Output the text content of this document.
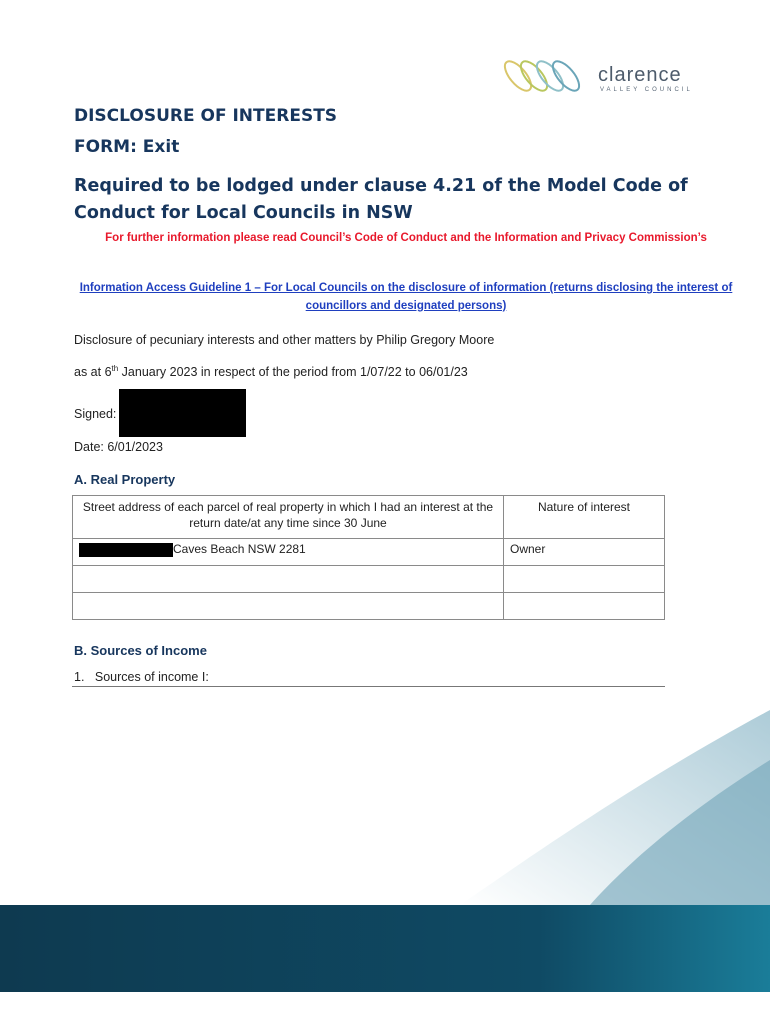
clarence
VALLEY COUNCIL
DISCLOSURE OF INTERESTS
FORM: Exit
Required to be lodged under clause 4.21 of the Model Code of Conduct for Local Councils in NSW
For further information please read Council’s Code of Conduct and the Information and Privacy Commission’s
Information Access Guideline 1 – For Local Councils on the disclosure of information (returns disclosing the interest of councillors and designated persons)
Disclosure of pecuniary interests and other matters by Philip Gregory Moore
as at 6th January 2023 in respect of the period from 1/07/22 to 06/01/23
Signed:
Date: 6/01/2023
A. Real Property
Street address of each parcel of real property in which I had an interest at the return date/at any time since 30 June	Nature of interest
Caves Beach NSW 2281	Owner

B. Sources of Income
1. Sources of income I:
